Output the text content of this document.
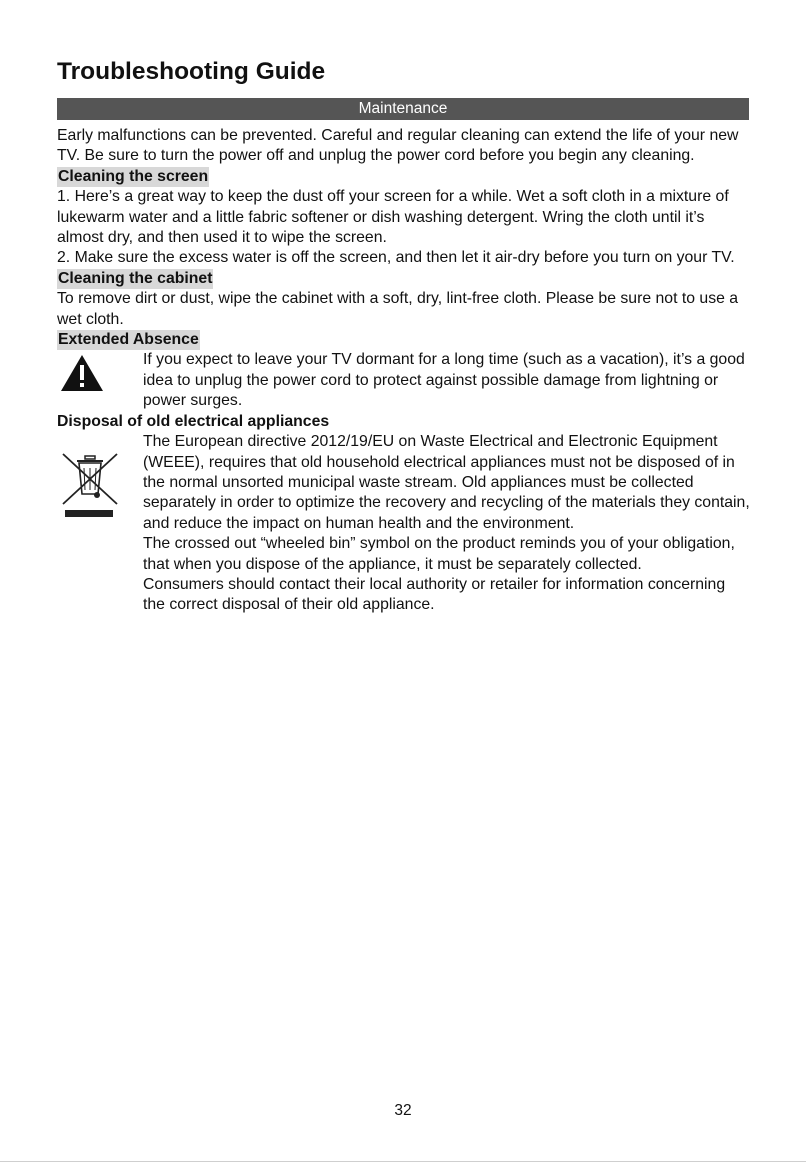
Troubleshooting Guide
Maintenance

Early malfunctions can be prevented. Careful and regular cleaning can extend the life of your new TV. Be sure to turn the power off and unplug the power cord before you begin any cleaning.

Cleaning the screen

1. Here’s a great way to keep the dust off your screen for a while. Wet a soft cloth in a mixture of lukewarm water and a little fabric softener or dish washing detergent. Wring the cloth until it’s almost dry, and then used it to wipe the screen.

2. Make sure the excess water is off the screen, and then let it air-dry before you turn on your TV.

Cleaning the cabinet

To remove dirt or dust, wipe the cabinet with a soft, dry, lint-free cloth. Please be sure not to use a wet cloth.

Extended Absence

If you expect to leave your TV dormant for a long time (such as a vacation), it’s a good idea to unplug the power cord to protect against possible damage from lightning or power surges.

Disposal of old electrical appliances

The European directive 2012/19/EU on Waste Electrical and Electronic Equipment (WEEE), requires that old household electrical appliances must not be disposed of in the normal unsorted municipal waste stream. Old appliances must be collected separately in order to optimize the recovery and recycling of the materials they contain, and reduce the impact on human health and the environment.

The crossed out “wheeled bin” symbol on the product reminds you of your obligation, that when you dispose of the appliance, it must be separately collected.

Consumers should contact their local authority or retailer for information concerning the correct disposal of their old appliance.

32
